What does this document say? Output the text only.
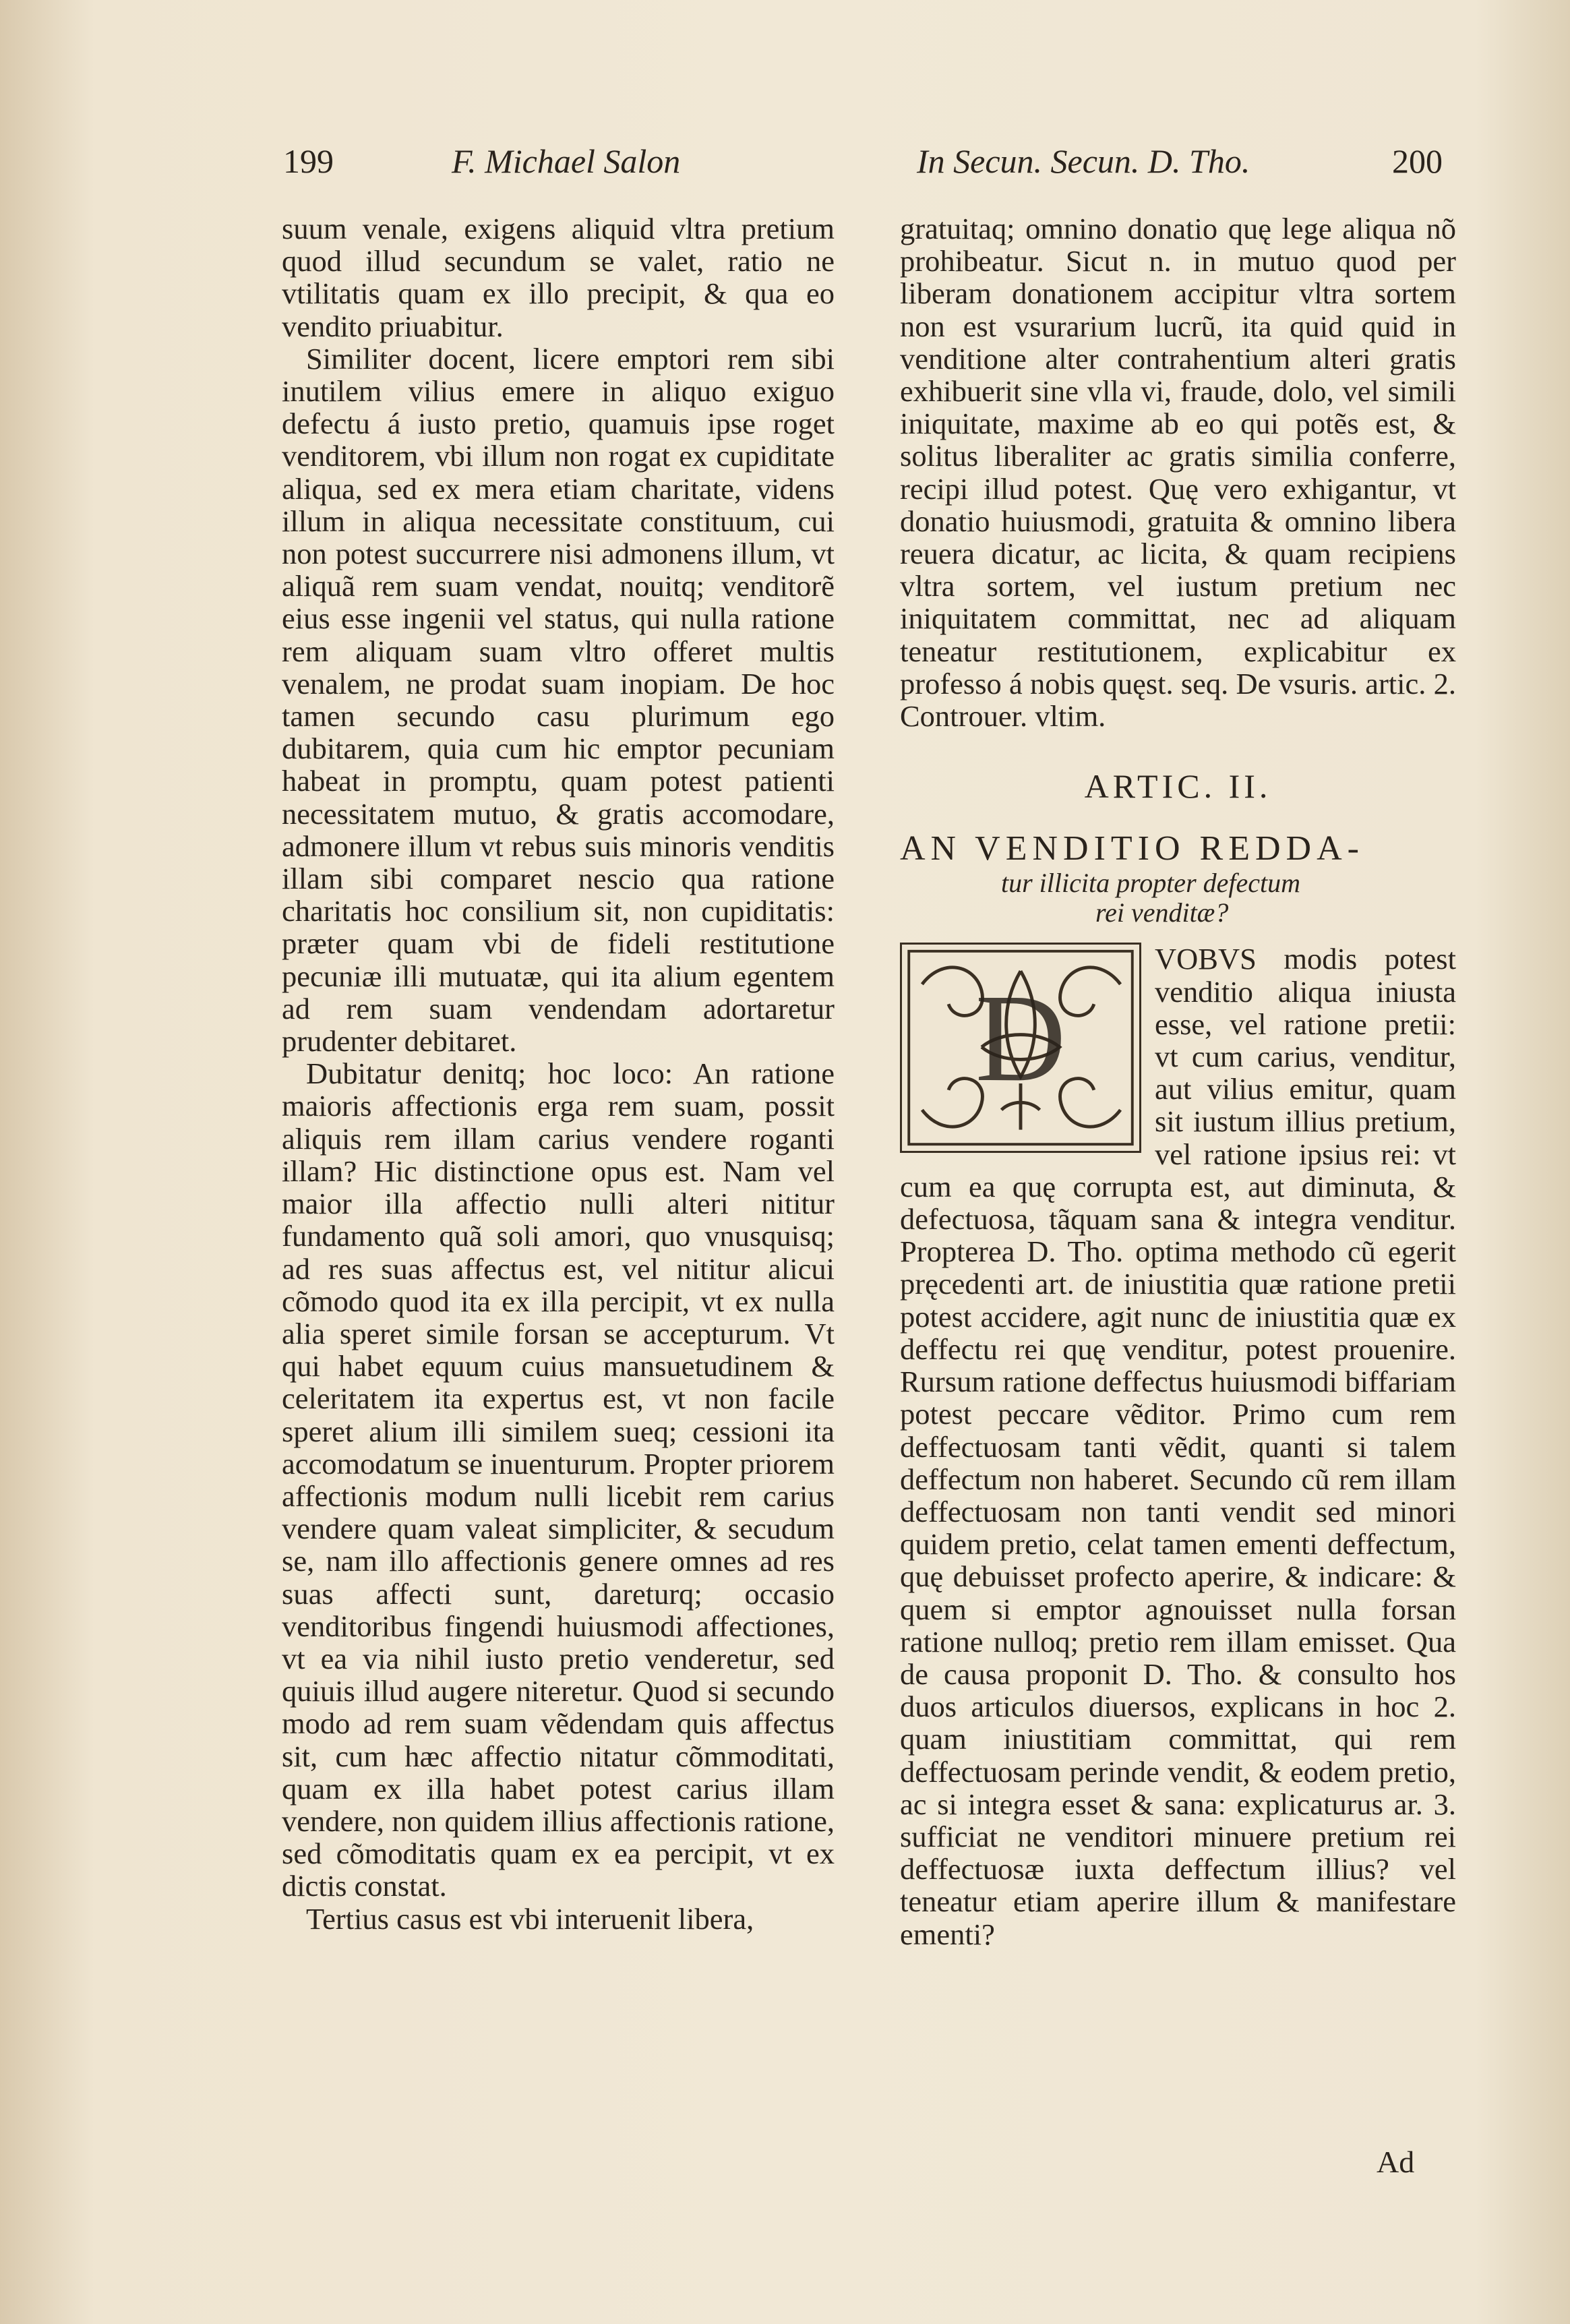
199	F. Michael Salon	In Secun. Secun. D. Tho.	200

suum venale, exigens aliquid vltra pretium quod illud secundum se valet, ratio ne vtilitatis quam ex illo precipit, & qua eo vendito priuabitur.

Similiter docent, licere emptori rem sibi inutilem vilius emere in aliquo exiguo defectu á iusto pretio, quamuis ipse roget venditorem, vbi illum non rogat ex cupiditate aliqua, sed ex mera etiam charitate, videns illum in aliqua necessitate constituum, cui non potest succurrere nisi admonens illum, vt aliquã rem suam vendat, nouitq; venditorẽ eius esse ingenii vel status, qui nulla ratione rem aliquam suam vltro offeret multis venalem, ne prodat suam inopiam. De hoc tamen secundo casu plurimum ego dubitarem, quia cum hic emptor pecuniam habeat in promptu, quam potest patienti necessitatem mutuo, & gratis accomodare, admonere illum vt rebus suis minoris venditis illam sibi comparet nescio qua ratione charitatis hoc consilium sit, non cupiditatis: præter quam vbi de fideli restitutione pecuniæ illi mutuatæ, qui ita alium egentem ad rem suam vendendam adortaretur prudenter debitaret.

Dubitatur denitq; hoc loco: An ratione maioris affectionis erga rem suam, possit aliquis rem illam carius vendere roganti illam? Hic distinctione opus est. Nam vel maior illa affectio nulli alteri nititur fundamento quã soli amori, quo vnusquisq; ad res suas affectus est, vel nititur alicui cõmodo quod ita ex illa percipit, vt ex nulla alia speret simile forsan se accepturum. Vt qui habet equum cuius mansuetudinem & celeritatem ita expertus est, vt non facile speret alium illi similem sueq; cessioni ita accomodatum se inuenturum. Propter priorem affectionis modum nulli licebit rem carius vendere quam valeat simpliciter, & secudum se, nam illo affectionis genere omnes ad res suas affecti sunt, dareturq; occasio venditoribus fingendi huiusmodi affectiones, vt ea via nihil iusto pretio venderetur, sed quiuis illud augere niteretur. Quod si secundo modo ad rem suam vẽdendam quis affectus sit, cum hæc affectio nitatur cõmmoditati, quam ex illa habet potest carius illam vendere, non quidem illius affectionis ratione, sed cõmoditatis quam ex ea percipit, vt ex dictis constat.

Tertius casus est vbi interuenit libera,

gratuitaq; omnino donatio quę lege aliqua nõ prohibeatur. Sicut n. in mutuo quod per liberam donationem accipitur vltra sortem non est vsurarium lucrũ, ita quid quid in venditione alter contrahentium alteri gratis exhibuerit sine vlla vi, fraude, dolo, vel simili iniquitate, maxime ab eo qui potẽs est, & solitus liberaliter ac gratis similia conferre, recipi illud potest. Quę vero exhigantur, vt donatio huiusmodi, gratuita & omnino libera reuera dicatur, ac licita, & quam recipiens vltra sortem, vel iustum pretium nec iniquitatem committat, nec ad aliquam teneatur restitutionem, explicabitur ex professo á nobis quęst. seq. De vsuris. artic. 2. Controuer. vltim.

ARTIC. II.
AN VENDITIO REDDA-
tur illicita propter defectum
rei venditæ?
D

VOBVS modis potest venditio aliqua iniusta esse, vel ratione pretii: vt cum carius, venditur, aut vilius emitur, quam sit iustum illius pretium, vel ratione ipsius rei: vt cum ea quę corrupta est, aut diminuta, & defectuosa, tãquam sana & integra venditur. Propterea D. Tho. optima methodo cũ egerit pręcedenti art. de iniustitia quæ ratione pretii potest accidere, agit nunc de iniustitia quæ ex deffectu rei quę venditur, potest prouenire. Rursum ratione deffectus huiusmodi biffariam potest peccare vẽditor. Primo cum rem deffectuosam tanti vẽdit, quanti si talem deffectum non haberet. Secundo cũ rem illam deffectuosam non tanti vendit sed minori quidem pretio, celat tamen ementi deffectum, quę debuisset profecto aperire, & indicare: & quem si emptor agnouisset nulla forsan ratione nulloq; pretio rem illam emisset. Qua de causa proponit D. Tho. & consulto hos duos articulos diuersos, explicans in hoc 2. quam iniustitiam committat, qui rem deffectuosam perinde vendit, & eodem pretio, ac si integra esset & sana: explicaturus ar. 3. sufficiat ne venditori minuere pretium rei deffectuosæ iuxta deffectum illius? vel teneatur etiam aperire illum & manifestare ementi?

Ad
